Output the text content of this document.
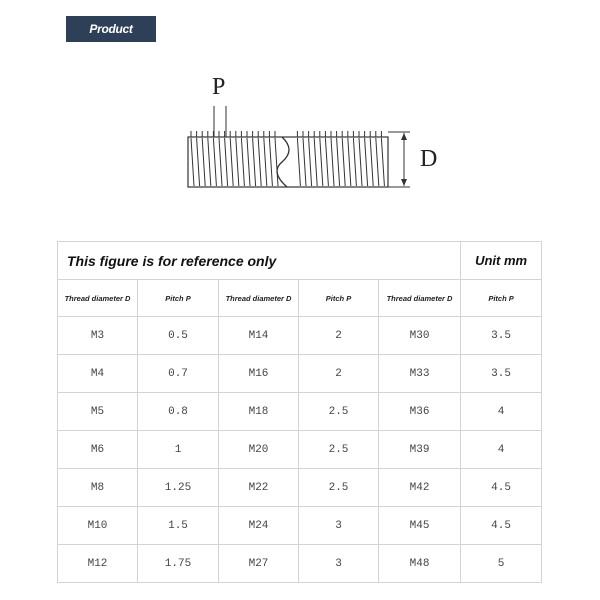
Product drawing
P
D
This figure is for reference only					Unit mm
Thread diameter D	Pitch P	Thread diameter D	Pitch P	Thread diameter D	Pitch P
M3	0.5	M14	2	M30	3.5
M4	0.7	M16	2	M33	3.5
M5	0.8	M18	2.5	M36	4
M6	1	M20	2.5	M39	4
M8	1.25	M22	2.5	M42	4.5
M10	1.5	M24	3	M45	4.5
M12	1.75	M27	3	M48	5
